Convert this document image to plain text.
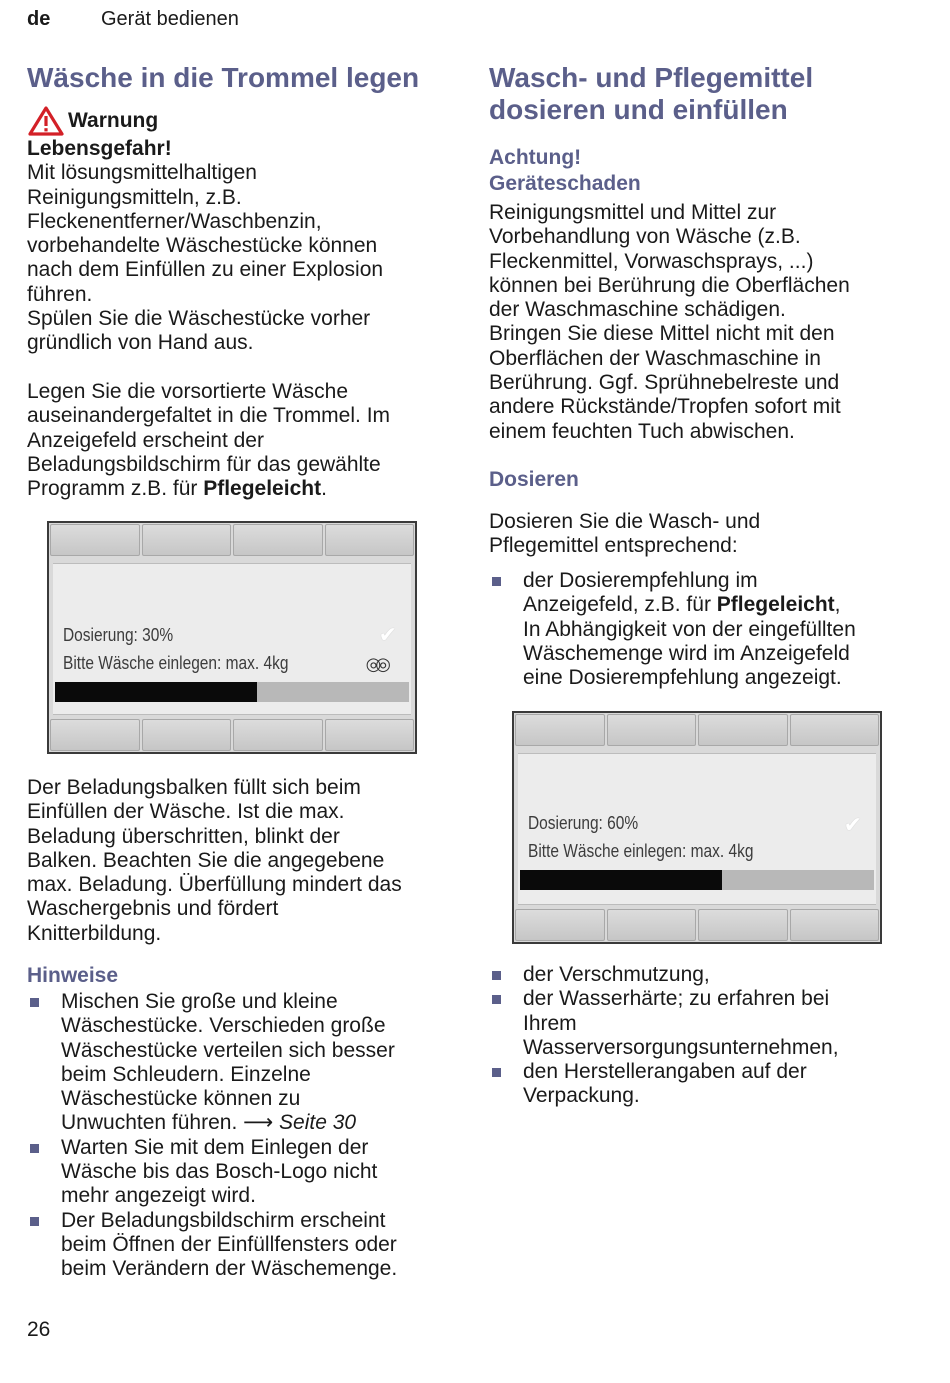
de	Gerät bedienen
Wäsche in die Trommel legen
Warnung
Lebensgefahr!
Mit lösungsmittelhaltigen
Reinigungsmitteln, z.B.
Fleckenentferner/Waschbenzin,
vorbehandelte Wäschestücke können
nach dem Einfüllen zu einer Explosion
führen.
Spülen Sie die Wäschestücke vorher
gründlich von Hand aus.
Legen Sie die vorsortierte Wäsche
auseinandergefaltet in die Trommel. Im
Anzeigefeld erscheint der
Beladungsbildschirm für das gewählte
Programm z.B. für Pflegeleicht.
Dosierung: 30%	✔
Bitte Wäsche einlegen: max. 4kg	◎◎
Der Beladungsbalken füllt sich beim
Einfüllen der Wäsche. Ist die max.
Beladung überschritten, blinkt der
Balken. Beachten Sie die angegebene
max. Beladung. Überfüllung mindert das
Waschergebnis und fördert
Knitterbildung.
Hinweise
Mischen Sie große und kleine
Wäschestücke. Verschieden große
Wäschestücke verteilen sich besser
beim Schleudern. Einzelne
Wäschestücke können zu
Unwuchten führen. ⟶ Seite 30
Warten Sie mit dem Einlegen der
Wäsche bis das Bosch-Logo nicht
mehr angezeigt wird.
Der Beladungsbildschirm erscheint
beim Öffnen der Einfüllfensters oder
beim Verändern der Wäschemenge.
Wasch- und Pflegemittel
dosieren und einfüllen
Achtung!
Geräteschaden
Reinigungsmittel und Mittel zur
Vorbehandlung von Wäsche (z.B.
Fleckenmittel, Vorwaschsprays, ...)
können bei Berührung die Oberflächen
der Waschmaschine schädigen.
Bringen Sie diese Mittel nicht mit den
Oberflächen der Waschmaschine in
Berührung. Ggf. Sprühnebelreste und
andere Rückstände/Tropfen sofort mit
einem feuchten Tuch abwischen.
Dosieren
Dosieren Sie die Wasch- und
Pflegemittel entsprechend:
der Dosierempfehlung im
Anzeigefeld, z.B. für Pflegeleicht,
In Abhängigkeit von der eingefüllten
Wäschemenge wird im Anzeigefeld
eine Dosierempfehlung angezeigt.
Dosierung: 60%	✔
Bitte Wäsche einlegen: max. 4kg
der Verschmutzung,
der Wasserhärte; zu erfahren bei
Ihrem
Wasserversorgungsunternehmen,
den Herstellerangaben auf der
Verpackung.
26
